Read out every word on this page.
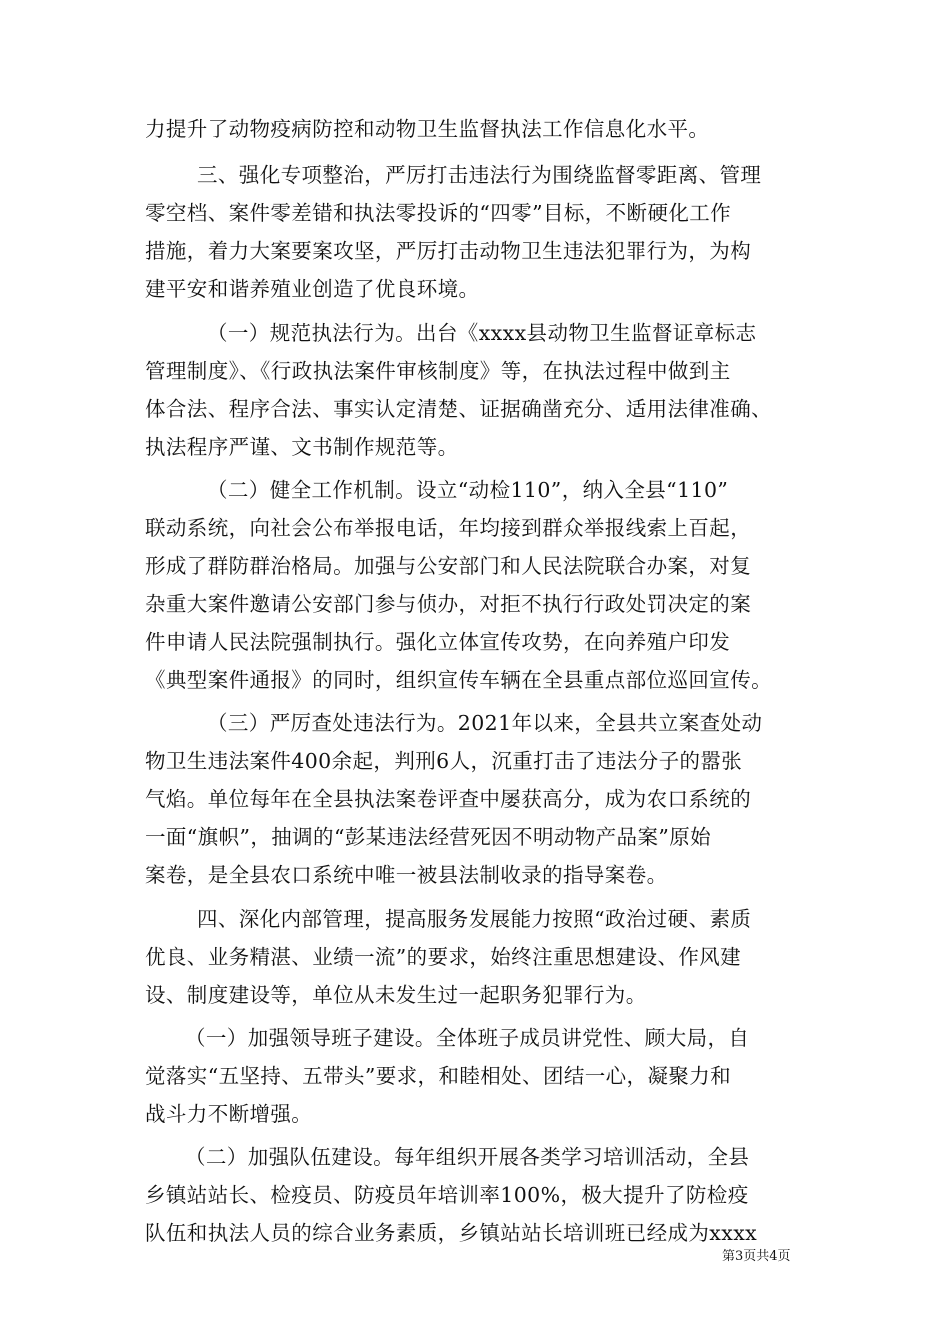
力提升了动物疫病防控和动物卫生监督执法工作信息化水平。
三、强化专项整治，严厉打击违法行为围绕监督零距离、管理
零空档、案件零差错和执法零投诉的“四零”目标，不断硬化工作
措施，着力大案要案攻坚，严厉打击动物卫生违法犯罪行为，为构
建平安和谐养殖业创造了优良环境。
（一）规范执法行为。出台《xxxx县动物卫生监督证章标志
管理制度》、《行政执法案件审核制度》等，在执法过程中做到主
体合法、程序合法、事实认定清楚、证据确凿充分、适用法律准确、
执法程序严谨、文书制作规范等。
（二）健全工作机制。设立“动检110”，纳入全县“110”
联动系统，向社会公布举报电话，年均接到群众举报线索上百起，
形成了群防群治格局。加强与公安部门和人民法院联合办案，对复
杂重大案件邀请公安部门参与侦办，对拒不执行行政处罚决定的案
件申请人民法院强制执行。强化立体宣传攻势，在向养殖户印发
《典型案件通报》的同时，组织宣传车辆在全县重点部位巡回宣传。
（三）严厉查处违法行为。2021年以来，全县共立案查处动
物卫生违法案件400余起，判刑6人，沉重打击了违法分子的嚣张
气焰。单位每年在全县执法案卷评查中屡获高分，成为农口系统的
一面“旗帜”，抽调的“彭某违法经营死因不明动物产品案”原始
案卷，是全县农口系统中唯一被县法制收录的指导案卷。
四、深化内部管理，提高服务发展能力按照“政治过硬、素质
优良、业务精湛、业绩一流”的要求，始终注重思想建设、作风建
设、制度建设等，单位从未发生过一起职务犯罪行为。
（一）加强领导班子建设。全体班子成员讲党性、顾大局，自
觉落实“五坚持、五带头”要求，和睦相处、团结一心，凝聚力和
战斗力不断增强。
（二）加强队伍建设。每年组织开展各类学习培训活动，全县
乡镇站站长、检疫员、防疫员年培训率100%，极大提升了防检疫
队伍和执法人员的综合业务素质，乡镇站站长培训班已经成为xxxx
第3页共4页
